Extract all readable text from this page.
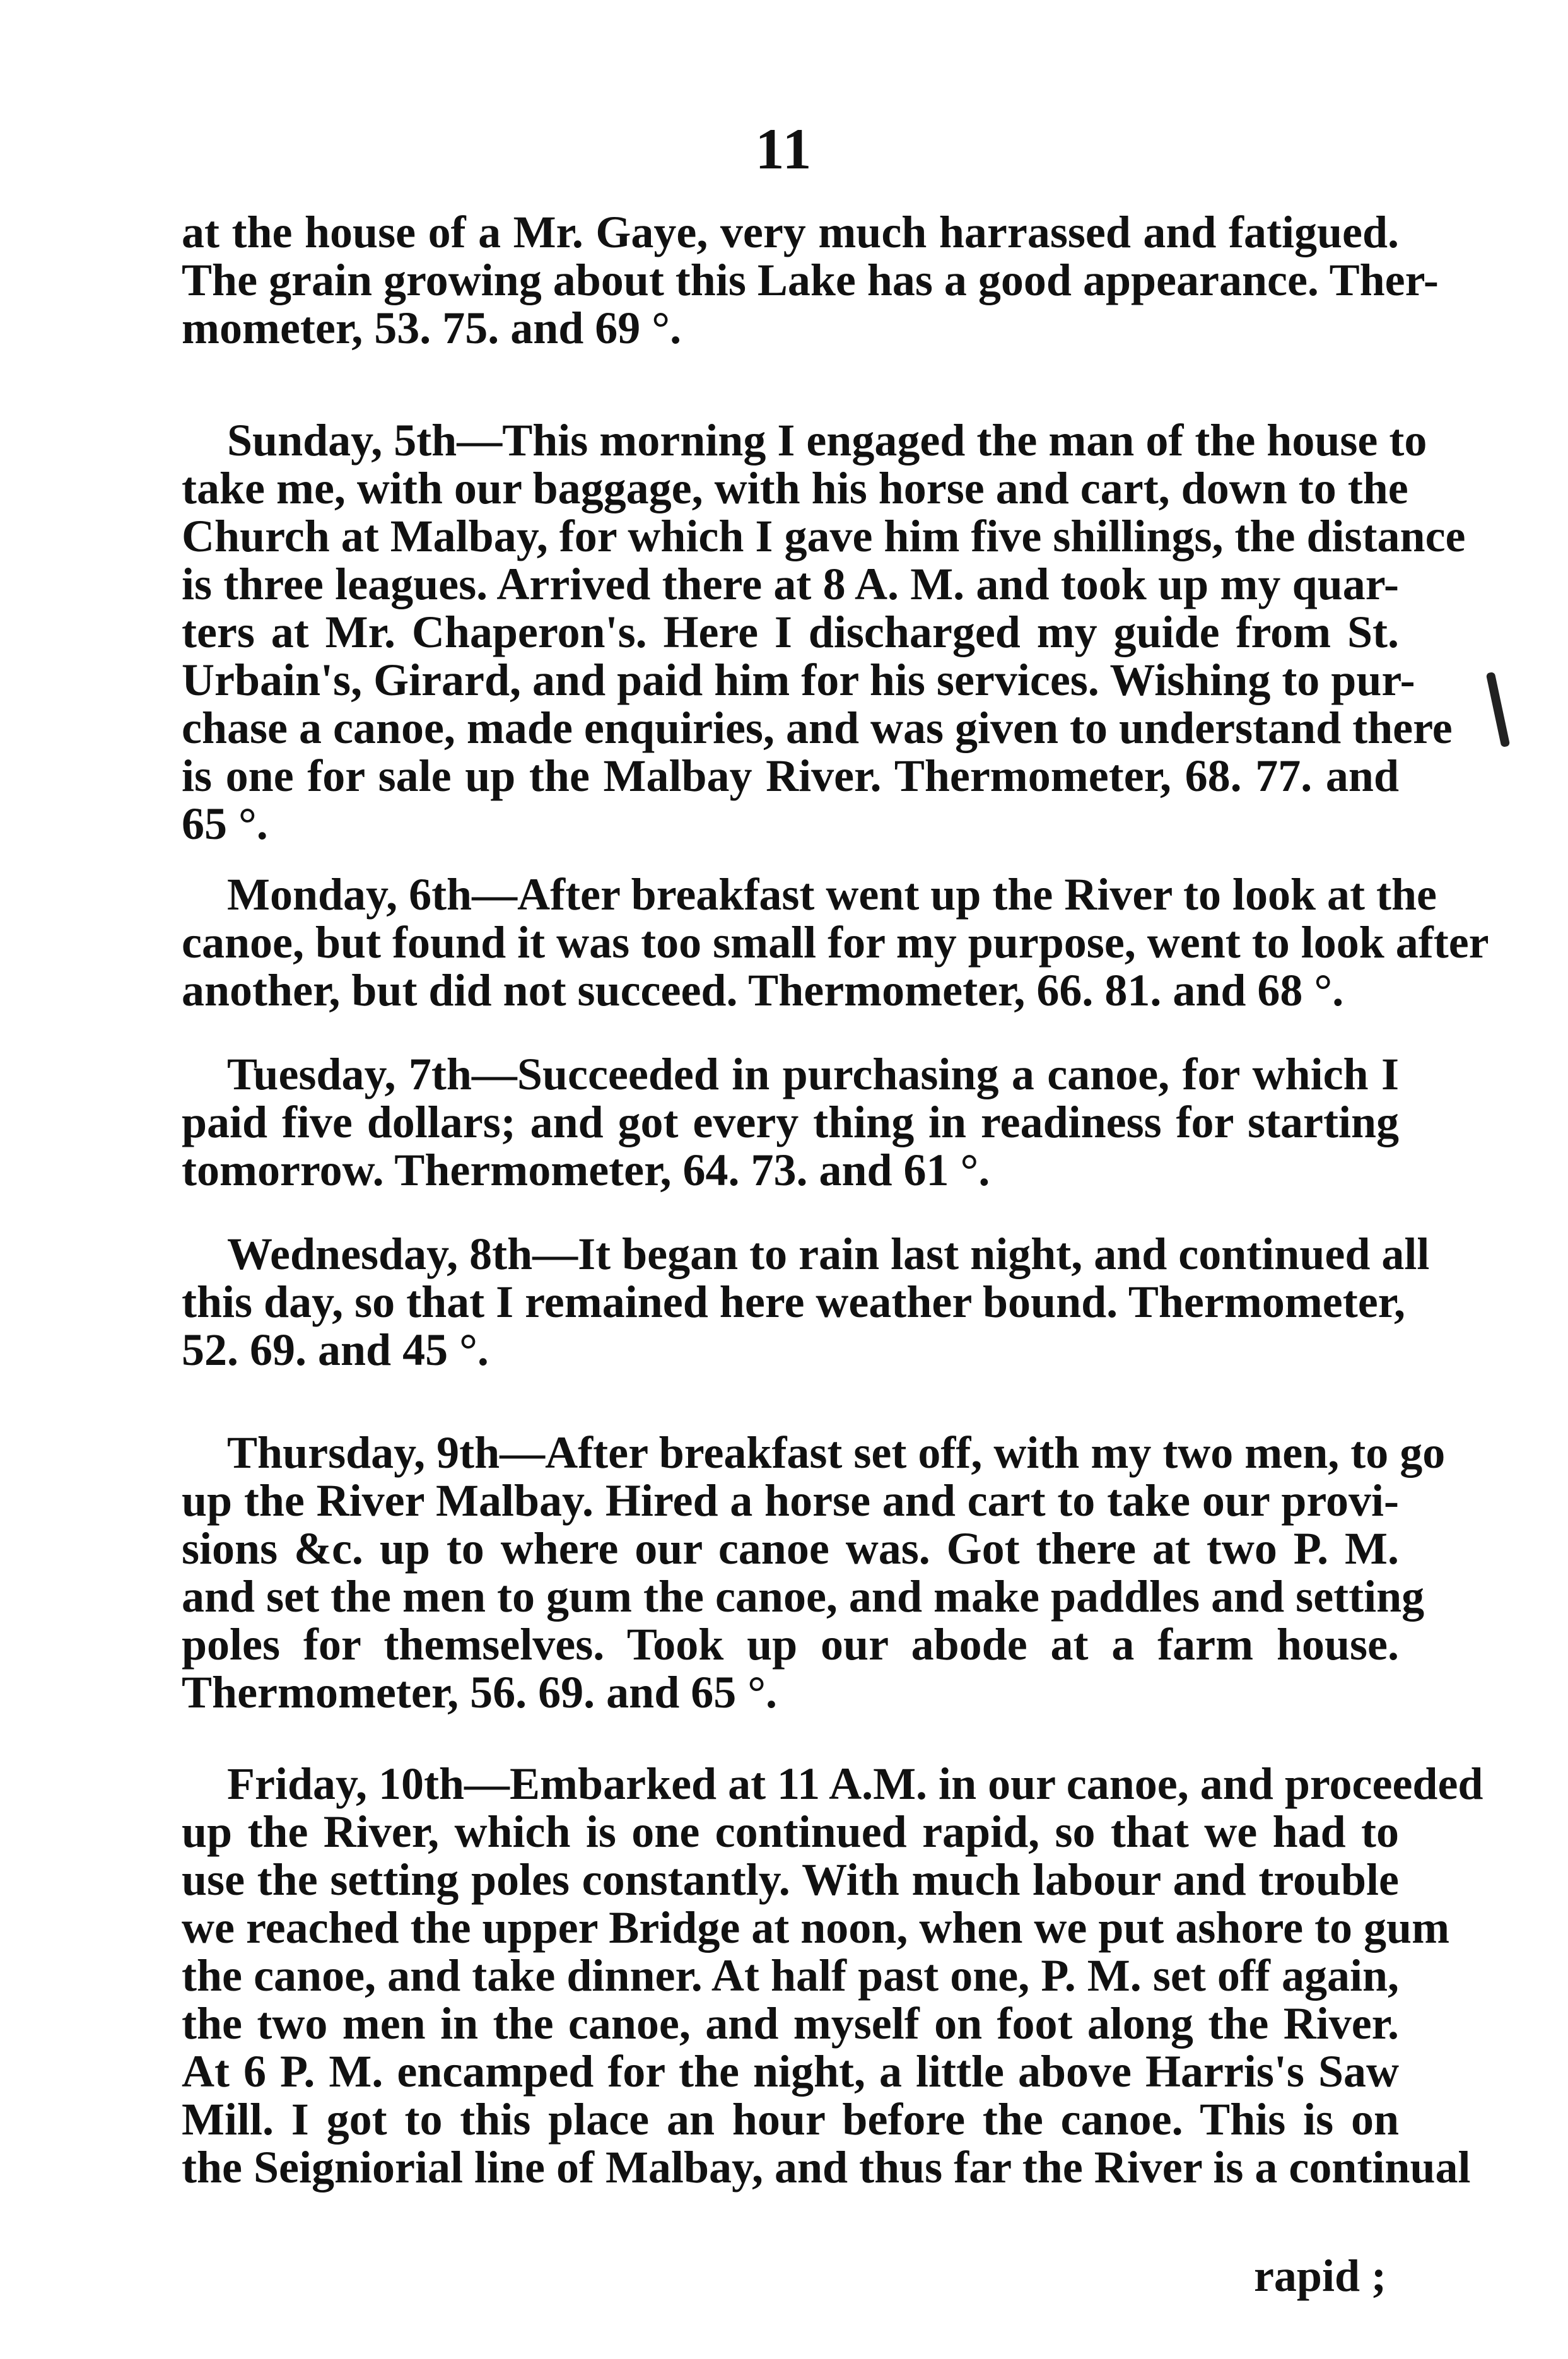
11
at the house of a Mr. Gaye, very much harrassed and fatigued.
The grain growing about this Lake has a good appearance. Ther-
mometer, 53. 75. and 69 °.
Sunday, 5th—This morning I engaged the man of the house to
take me, with our baggage, with his horse and cart, down to the
Church at Malbay, for which I gave him five shillings, the distance
is three leagues. Arrived there at 8 A. M. and took up my quar-
ters at Mr. Chaperon's. Here I discharged my guide from St.
Urbain's, Girard, and paid him for his services. Wishing to pur-
chase a canoe, made enquiries, and was given to understand there
is one for sale up the Malbay River. Thermometer, 68. 77. and
65 °.
Monday, 6th—After breakfast went up the River to look at the
canoe, but found it was too small for my purpose, went to look after
another, but did not succeed. Thermometer, 66. 81. and 68 °.
Tuesday, 7th—Succeeded in purchasing a canoe, for which I
paid five dollars; and got every thing in readiness for starting
tomorrow. Thermometer, 64. 73. and 61 °.
Wednesday, 8th—It began to rain last night, and continued all
this day, so that I remained here weather bound. Thermometer,
52. 69. and 45 °.
Thursday, 9th—After breakfast set off, with my two men, to go
up the River Malbay. Hired a horse and cart to take our provi-
sions &c. up to where our canoe was. Got there at two P. M.
and set the men to gum the canoe, and make paddles and setting
poles for themselves. Took up our abode at a farm house.
Thermometer, 56. 69. and 65 °.
Friday, 10th—Embarked at 11 A.M. in our canoe, and proceeded
up the River, which is one continued rapid, so that we had to
use the setting poles constantly. With much labour and trouble
we reached the upper Bridge at noon, when we put ashore to gum
the canoe, and take dinner. At half past one, P. M. set off again,
the two men in the canoe, and myself on foot along the River.
At 6 P. M. encamped for the night, a little above Harris's Saw
Mill. I got to this place an hour before the canoe. This is on
the Seigniorial line of Malbay, and thus far the River is a continual
rapid ;
